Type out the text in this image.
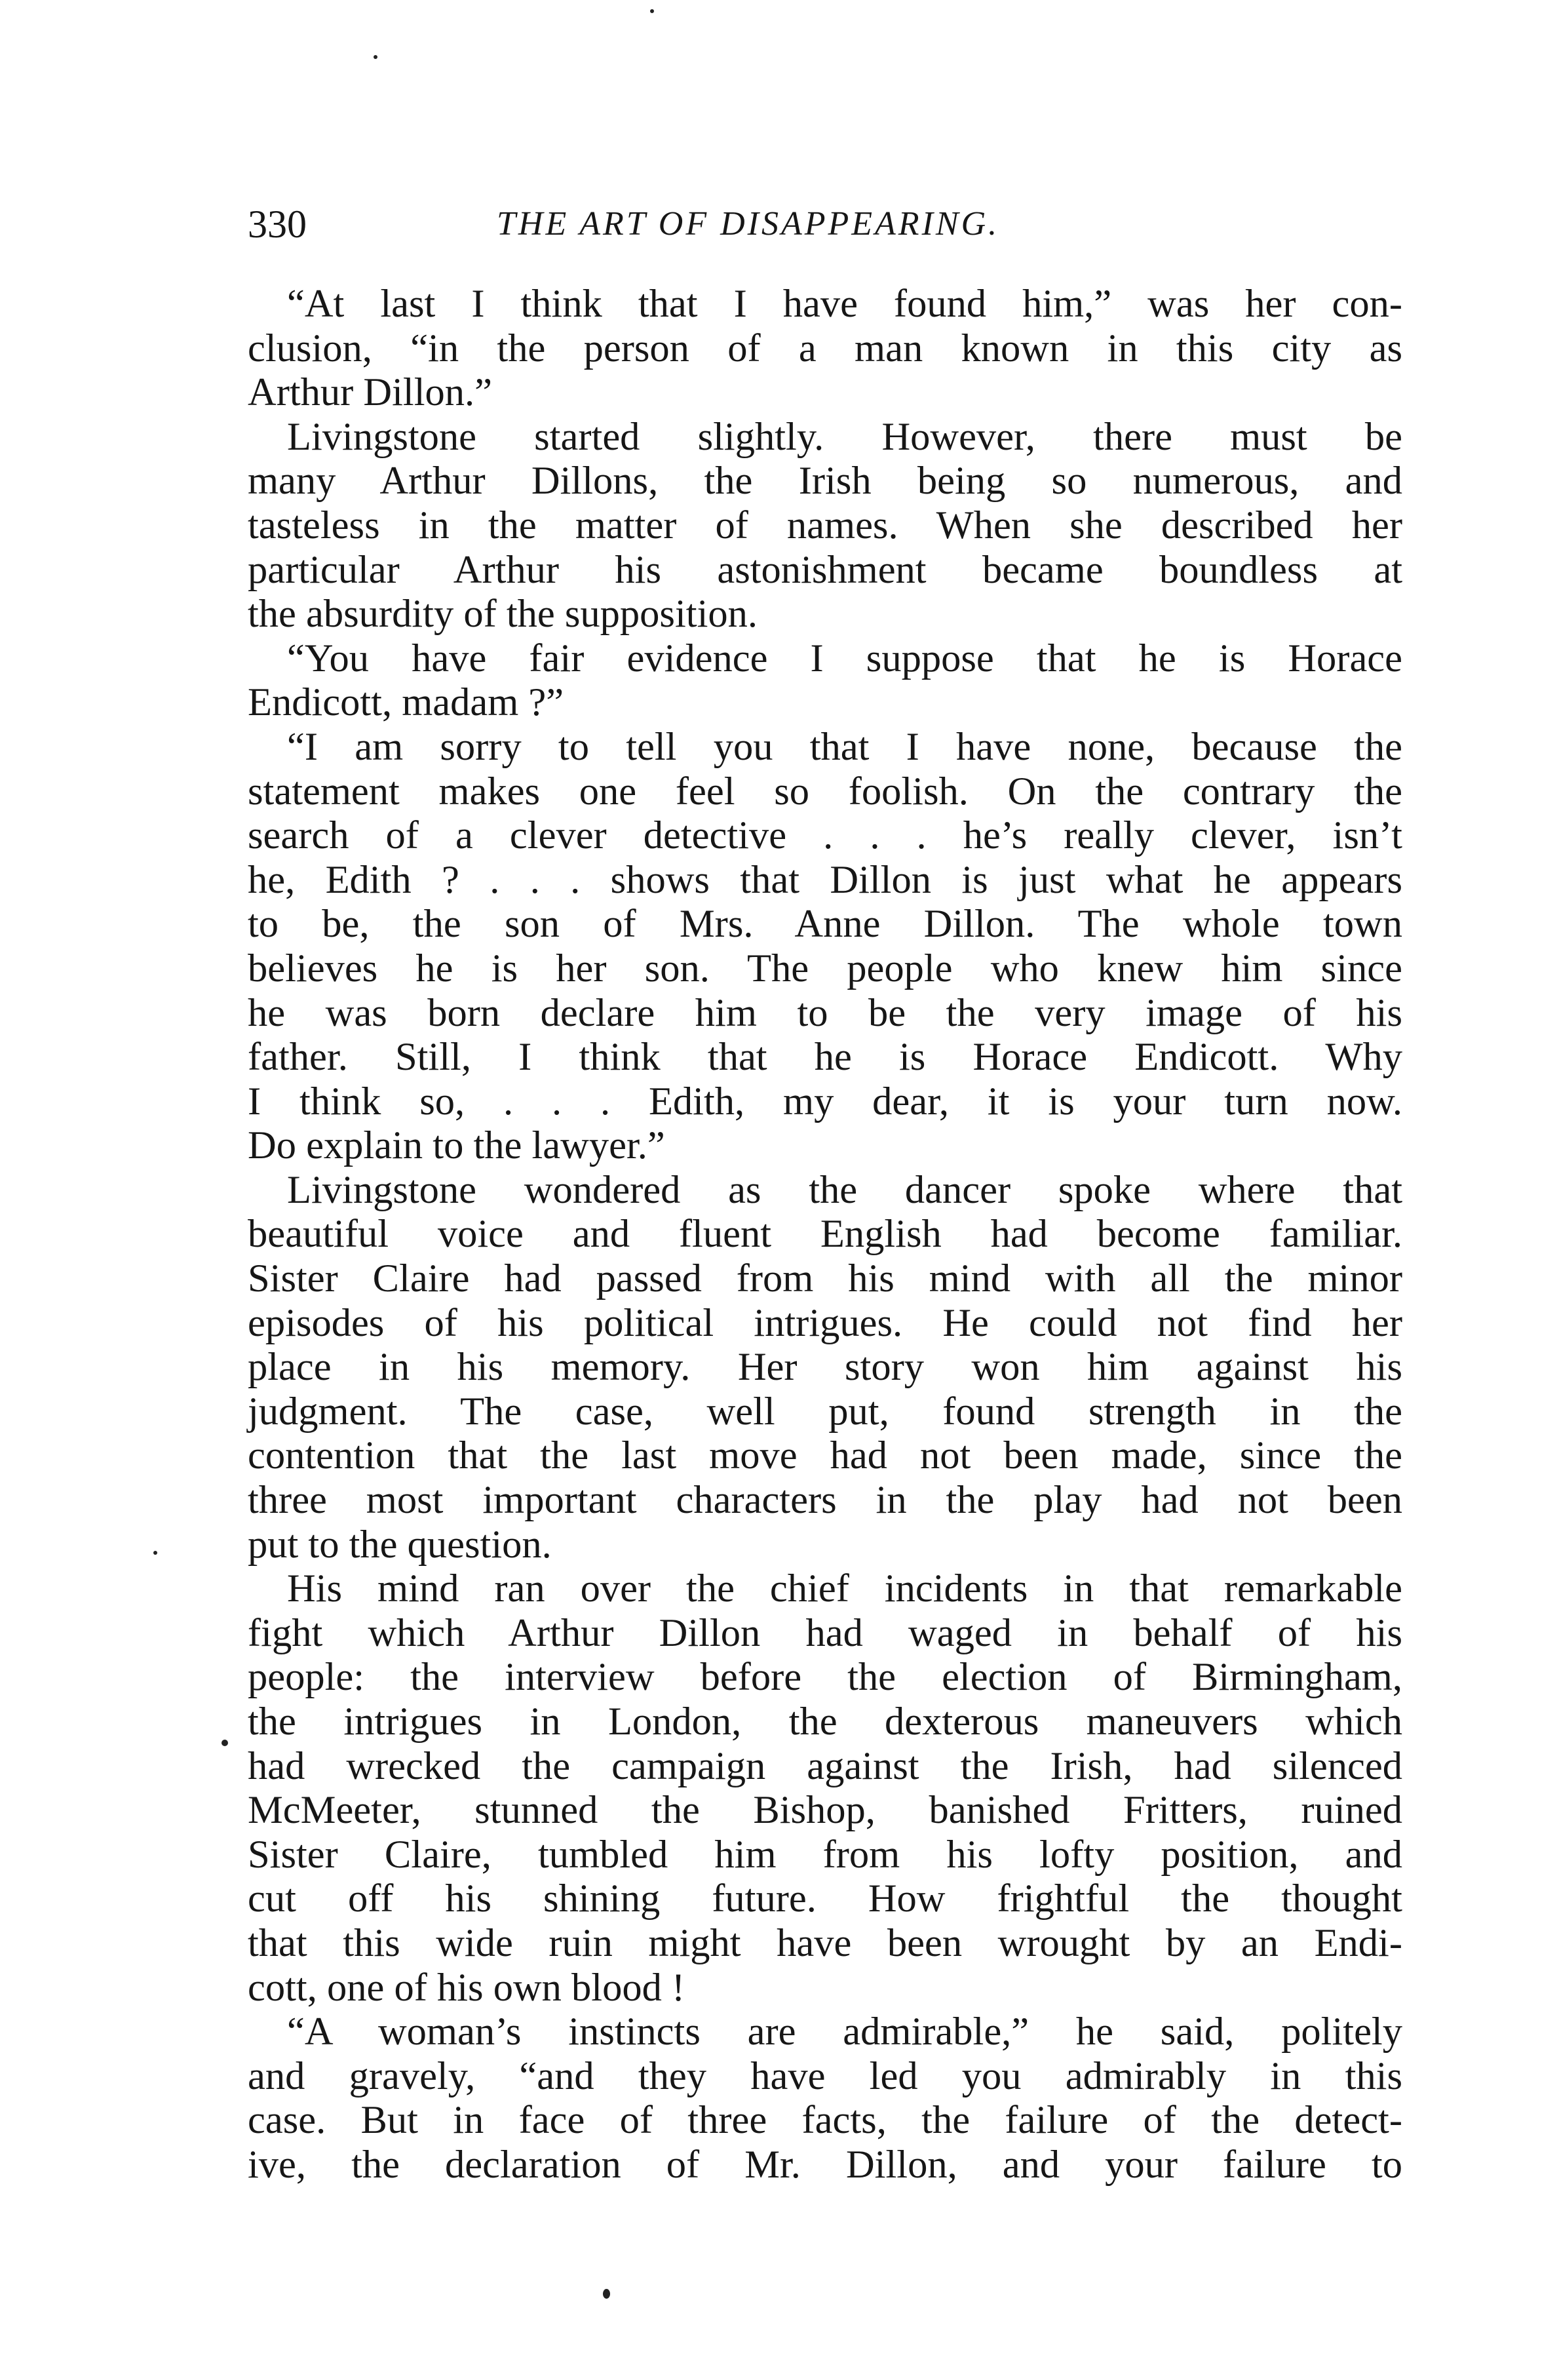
330	THE ART OF DISAPPEARING.
“At last I think that I have found him,” was her con-
clusion, “in the person of a man known in this city as
Arthur Dillon.”
Livingstone started slightly. However, there must be
many Arthur Dillons, the Irish being so numerous, and
tasteless in the matter of names. When she described her
particular Arthur his astonishment became boundless at
the absurdity of the supposition.
“You have fair evidence I suppose that he is Horace
Endicott, madam ?”
“I am sorry to tell you that I have none, because the
statement makes one feel so foolish. On the contrary the
search of a clever detective . . . he’s really clever, isn’t
he, Edith ? . . . shows that Dillon is just what he appears
to be, the son of Mrs. Anne Dillon. The whole town
believes he is her son. The people who knew him since
he was born declare him to be the very image of his
father. Still, I think that he is Horace Endicott. Why
I think so, . . . Edith, my dear, it is your turn now.
Do explain to the lawyer.”
Livingstone wondered as the dancer spoke where that
beautiful voice and fluent English had become familiar.
Sister Claire had passed from his mind with all the minor
episodes of his political intrigues. He could not find her
place in his memory. Her story won him against his
judgment. The case, well put, found strength in the
contention that the last move had not been made, since the
three most important characters in the play had not been
put to the question.
His mind ran over the chief incidents in that remarkable
fight which Arthur Dillon had waged in behalf of his
people: the interview before the election of Birmingham,
the intrigues in London, the dexterous maneuvers which
had wrecked the campaign against the Irish, had silenced
McMeeter, stunned the Bishop, banished Fritters, ruined
Sister Claire, tumbled him from his lofty position, and
cut off his shining future. How frightful the thought
that this wide ruin might have been wrought by an Endi-
cott, one of his own blood !
“A woman’s instincts are admirable,” he said, politely
and gravely, “and they have led you admirably in this
case. But in face of three facts, the failure of the detect-
ive, the declaration of Mr. Dillon, and your failure to
